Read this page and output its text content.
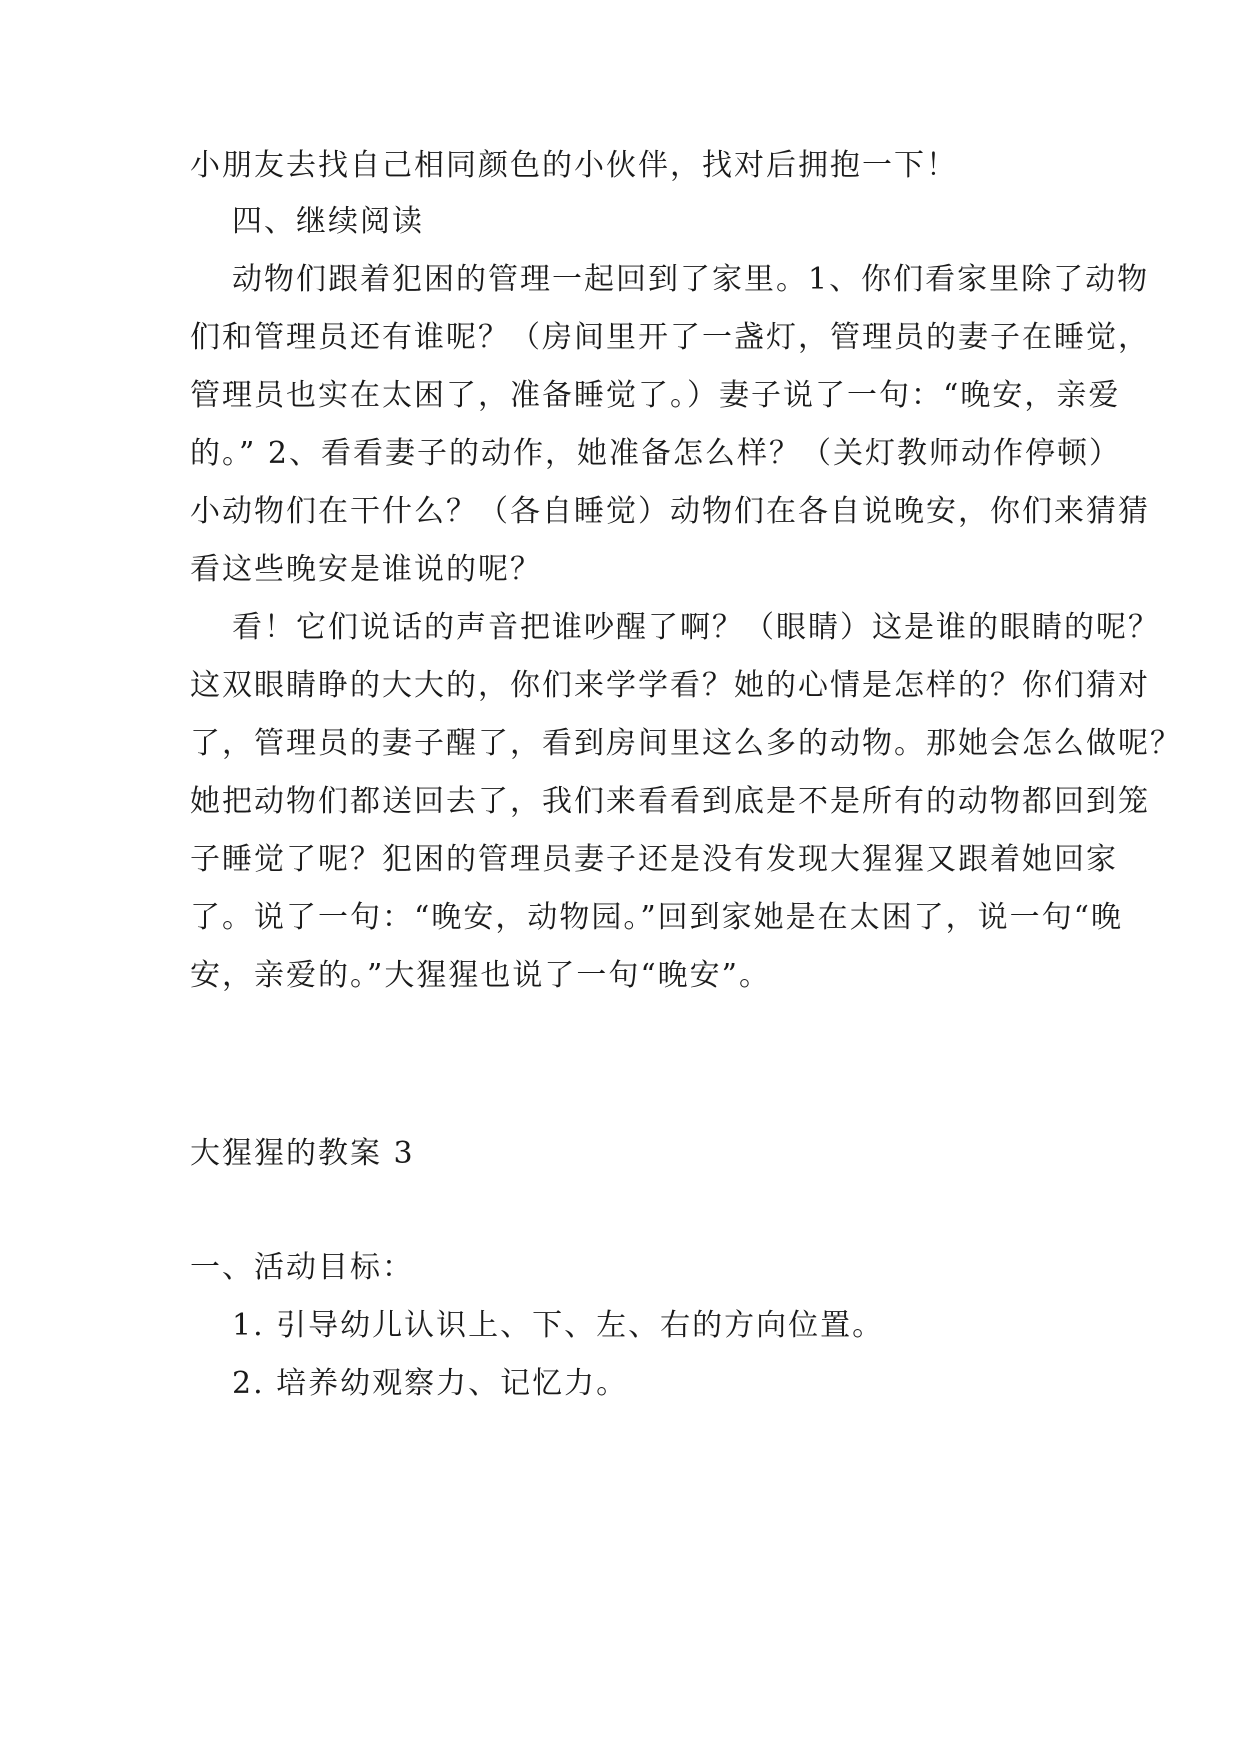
小朋友去找自己相同颜色的小伙伴，找对后拥抱一下！
四、继续阅读
动物们跟着犯困的管理一起回到了家里。1、你们看家里除了动物
们和管理员还有谁呢？（房间里开了一盏灯，管理员的妻子在睡觉，
管理员也实在太困了，准备睡觉了。）妻子说了一句：“晚安，亲爱
的。” 2、看看妻子的动作，她准备怎么样？（关灯教师动作停顿）
小动物们在干什么？（各自睡觉）动物们在各自说晚安，你们来猜猜
看这些晚安是谁说的呢？
看！它们说话的声音把谁吵醒了啊？（眼睛）这是谁的眼睛的呢？
这双眼睛睁的大大的，你们来学学看？她的心情是怎样的？你们猜对
了，管理员的妻子醒了，看到房间里这么多的动物。那她会怎么做呢？
她把动物们都送回去了，我们来看看到底是不是所有的动物都回到笼
子睡觉了呢？犯困的管理员妻子还是没有发现大猩猩又跟着她回家
了。说了一句：“晚安，动物园。”回到家她是在太困了，说一句“晚
安，亲爱的。”大猩猩也说了一句“晚安”。
大猩猩的教案 3
一、活动目标：
1. 引导幼儿认识上、下、左、右的方向位置。
2. 培养幼观察力、记忆力。
